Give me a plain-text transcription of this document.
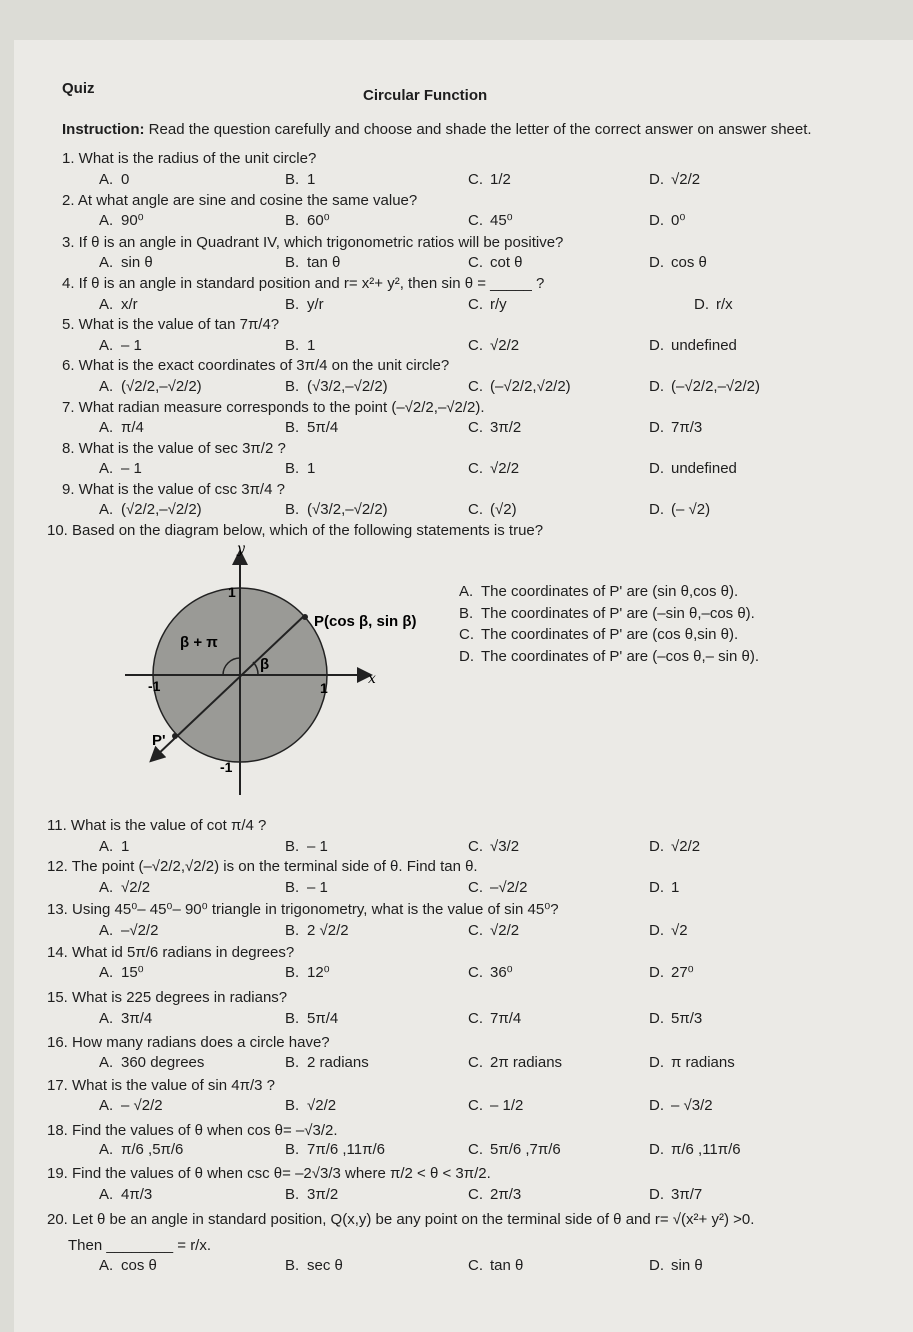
Quiz	Circular Function
Instruction: Read the question carefully and choose and shade the letter of the correct answer on answer sheet.
1. What is the radius of the unit circle?
A. 0	B. 1	C. 1/2	D. √2/2
2. At what angle are sine and cosine the same value?
A. 90⁰	B. 60⁰	C. 45⁰	D. 0⁰
3. If θ is an angle in Quadrant IV, which trigonometric ratios will be positive?
A. sin θ	B. tan θ	C. cot θ	D. cos θ
4. If θ is an angle in standard position and r= x²+ y², then sin θ = _____ ?
A. x/r	B. y/r	C. r/y	D. r/x
5. What is the value of tan 7π/4?
A. – 1	B. 1	C. √2/2	D. undefined
6. What is the exact coordinates of 3π/4 on the unit circle?
A. (√2/2,–√2/2)	B. (√3/2,–√2/2)	C. (–√2/2,√2/2)	D. (–√2/2,–√2/2)
7. What radian measure corresponds to the point (–√2/2,–√2/2).
A. π/4	B. 5π/4	C. 3π/2	D. 7π/3
8. What is the value of sec 3π/2 ?
A. – 1	B. 1	C. √2/2	D. undefined
9. What is the value of csc 3π/4 ?
A. (√2/2,–√2/2)	B. (√3/2,–√2/2)	C. (√2)	D. (– √2)
10. Based on the diagram below, which of the following statements is true?
A. The coordinates of P' are (sin θ,cos θ).
B. The coordinates of P' are (–sin θ,–cos θ).
C. The coordinates of P' are (cos θ,sin θ).
D. The coordinates of P' are (–cos θ,– sin θ).
11. What is the value of cot π/4 ?
A. 1	B. – 1	C. √3/2	D. √2/2
12. The point (–√2/2,√2/2) is on the terminal side of θ. Find tan θ.
A. √2/2	B. – 1	C. –√2/2	D. 1
13. Using 45⁰– 45⁰– 90⁰ triangle in trigonometry, what is the value of sin 45⁰?
A. –√2/2	B. 2 √2/2	C. √2/2	D. √2
14. What id 5π/6 radians in degrees?
A. 15⁰	B. 12⁰	C. 36⁰	D. 27⁰
15. What is 225 degrees in radians?
A. 3π/4	B. 5π/4	C. 7π/4	D. 5π/3
16. How many radians does a circle have?
A. 360 degrees	B. 2 radians	C. 2π radians	D. π radians
17. What is the value of sin 4π/3 ?
A. – √2/2	B. √2/2	C. – 1/2	D. – √3/2
18. Find the values of θ when cos θ= –√3/2.
A. π/6 ,5π/6	B. 7π/6 ,11π/6	C. 5π/6 ,7π/6	D. π/6 ,11π/6
19. Find the values of θ when csc θ= –2√3/3 where π/2 < θ < 3π/2.
A. 4π/3	B. 3π/2	C. 2π/3	D. 3π/7
20. Let θ be an angle in standard position, Q(x,y) be any point on the terminal side of θ and r= √(x²+ y²) >0.
Then ________ = r/x.
A. cos θ	B. sec θ	C. tan θ	D. sin θ
y
x
1
-1	1
-1
P(cos β, sin β)
P'
β + π
β
